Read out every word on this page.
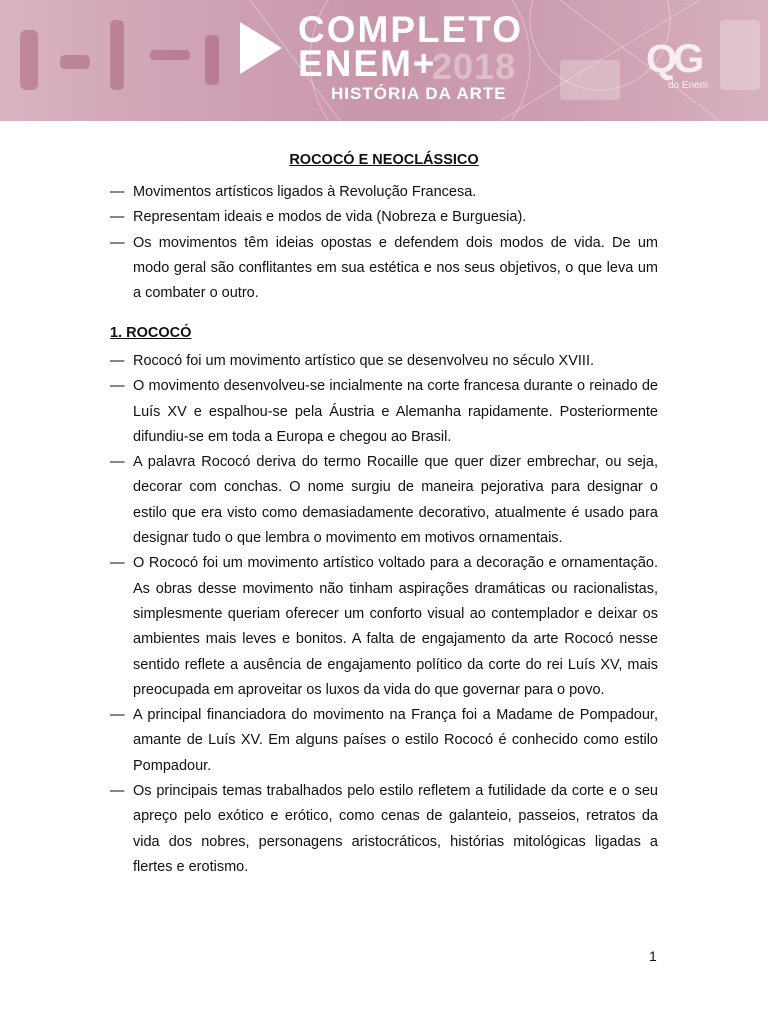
COMPLETO
2018
ENEM+
HISTÓRIA DA ARTE
QG
do Enem
ROCOCÓ E NEOCLÁSSICO
— Movimentos artísticos ligados à Revolução Francesa.
— Representam ideais e modos de vida (Nobreza e Burguesia).
— Os movimentos têm ideias opostas e defendem dois modos de vida. De um modo geral são conflitantes em sua estética e nos seus objetivos, o que leva um a combater o outro.
1. ROCOCÓ
— Rococó foi um movimento artístico que se desenvolveu no século XVIII.
— O movimento desenvolveu-se incialmente na corte francesa durante o reinado de Luís XV e espalhou-se pela Áustria e Alemanha rapidamente. Posteriormente difundiu-se em toda a Europa e chegou ao Brasil.
— A palavra Rococó deriva do termo Rocaille que quer dizer embrechar, ou seja, decorar com conchas. O nome surgiu de maneira pejorativa para designar o estilo que era visto como demasiadamente decorativo, atualmente é usado para designar tudo o que lembra o movimento em motivos ornamentais.
— O Rococó foi um movimento artístico voltado para a decoração e ornamentação. As obras desse movimento não tinham aspirações dramáticas ou racionalistas, simplesmente queriam oferecer um conforto visual ao contemplador e deixar os ambientes mais leves e bonitos. A falta de engajamento da arte Rococó nesse sentido reflete a ausência de engajamento político da corte do rei Luís XV, mais preocupada em aproveitar os luxos da vida do que governar para o povo.
— A principal financiadora do movimento na França foi a Madame de Pompadour, amante de Luís XV. Em alguns países o estilo Rococó é conhecido como estilo Pompadour.
— Os principais temas trabalhados pelo estilo refletem a futilidade da corte e o seu apreço pelo exótico e erótico, como cenas de galanteio, passeios, retratos da vida dos nobres, personagens aristocráticos, histórias mitológicas ligadas a flertes e erotismo.
1
